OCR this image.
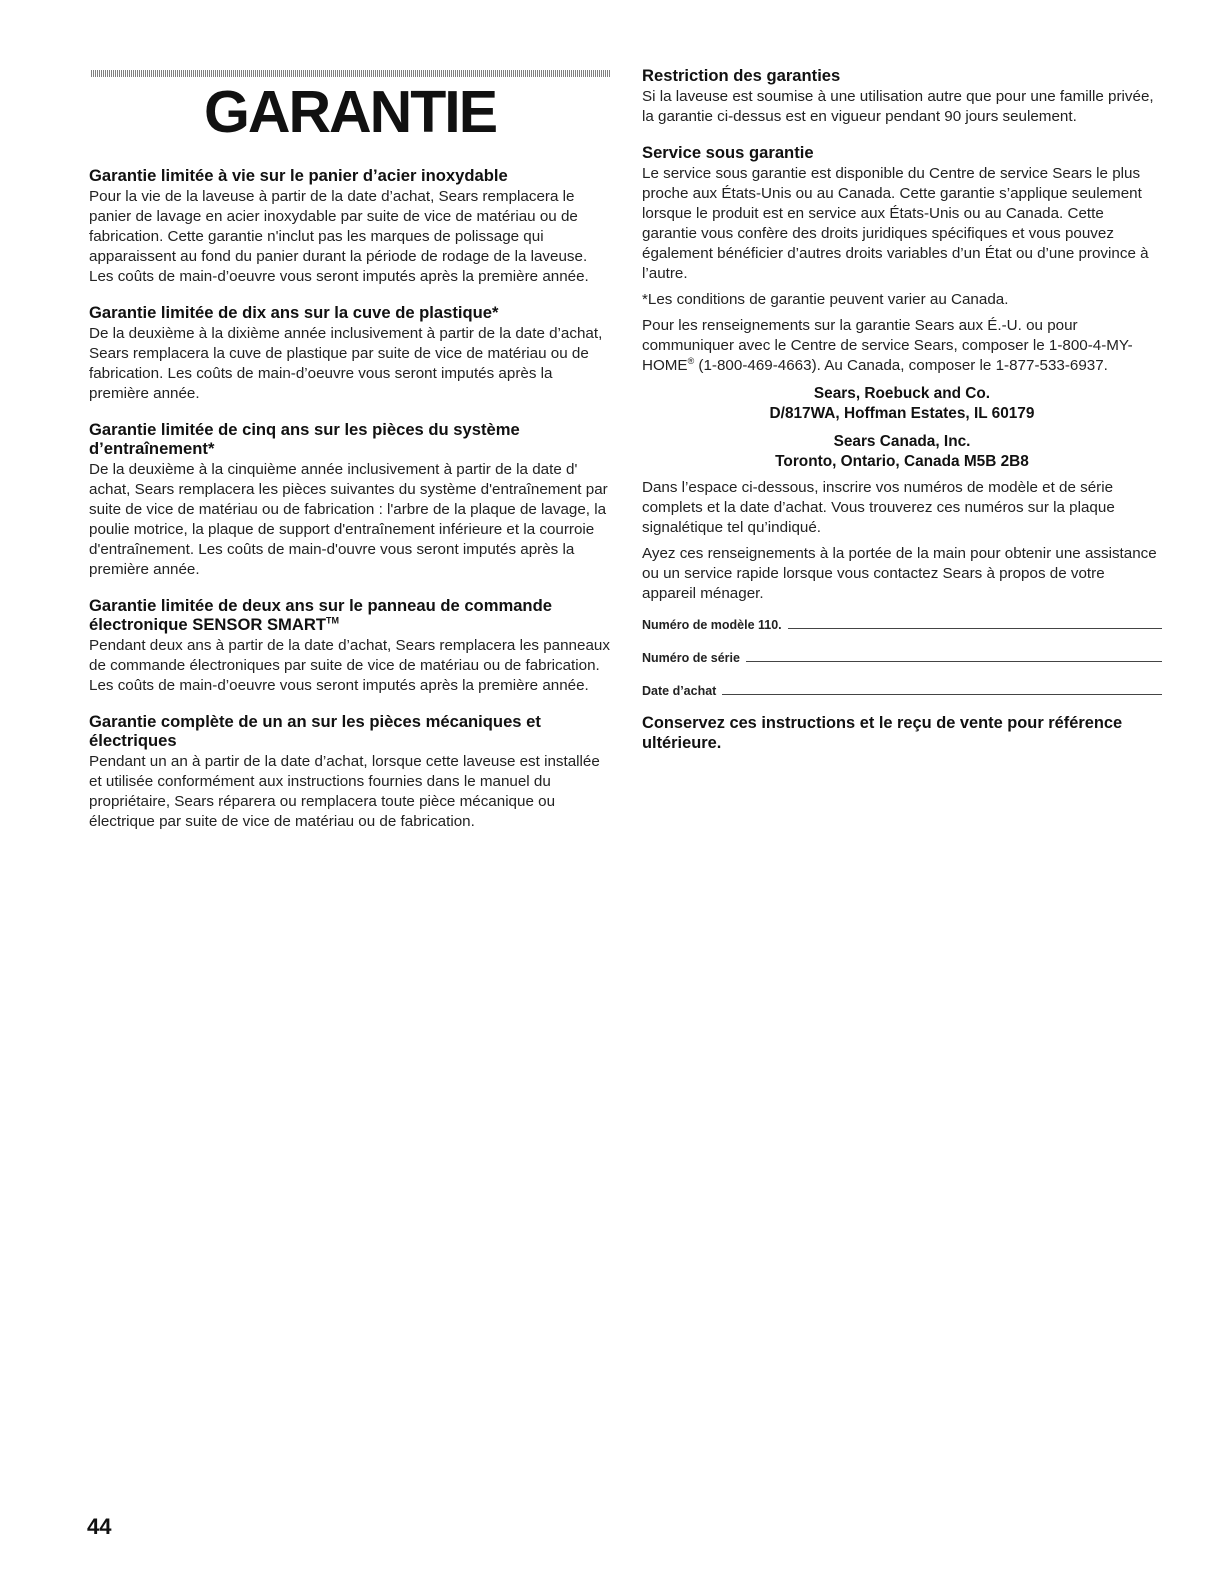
GARANTIE
Garantie limitée à vie sur le panier d’acier inoxydable

Pour la vie de la laveuse à partir de la date d’achat, Sears remplacera le panier de lavage en acier inoxydable par suite de vice de matériau ou de fabrication. Cette garantie n'inclut pas les marques de polissage qui apparaissent au fond du panier durant la période de rodage de la laveuse. Les coûts de main-d’oeuvre vous seront imputés après la première année.

Garantie limitée de dix ans sur la cuve de plastique*

De la deuxième à la dixième année inclusivement à partir de la date d’achat, Sears remplacera la cuve de plastique par suite de vice de matériau ou de fabrication. Les coûts de main-d’oeuvre vous seront imputés après la première année.

Garantie limitée de cinq ans sur les pièces du système d’entraînement*

De la deuxième à la cinquième année inclusivement à partir de la date d' achat, Sears remplacera les pièces suivantes du système d'entraînement par suite de vice de matériau ou de fabrication : l'arbre de la plaque de lavage, la poulie motrice, la plaque de support d'entraînement inférieure et la courroie d'entraînement. Les coûts de main-d'ouvre vous seront imputés après la première année.

Garantie limitée de deux ans sur le panneau de commande électronique SENSOR SMART™

Pendant deux ans à partir de la date d’achat, Sears remplacera les panneaux de commande électroniques par suite de vice de matériau ou de fabrication. Les coûts de main-d’oeuvre vous seront imputés après la première année.

Garantie complète de un an sur les pièces mécaniques et électriques

Pendant un an à partir de la date d’achat, lorsque cette laveuse est installée et utilisée conformément aux instructions fournies dans le manuel du propriétaire, Sears réparera ou remplacera toute pièce mécanique ou électrique par suite de vice de matériau ou de fabrication.

Restriction des garanties

Si la laveuse est soumise à une utilisation autre que pour une famille privée, la garantie ci-dessus est en vigueur pendant 90 jours seulement.

Service sous garantie

Le service sous garantie est disponible du Centre de service Sears le plus proche aux États-Unis ou au Canada. Cette garantie s’applique seulement lorsque le produit est en service aux États-Unis ou au Canada. Cette garantie vous confère des droits juridiques spécifiques et vous pouvez également bénéficier d’autres droits variables d’un État ou d’une province à l’autre.

*Les conditions de garantie peuvent varier au Canada.

Pour les renseignements sur la garantie Sears aux É.-U. ou pour communiquer avec le Centre de service Sears, composer le 1-800-4-MY-HOME® (1-800-469-4663). Au Canada, composer le 1-877-533-6937.

Sears, Roebuck and Co.
D/817WA, Hoffman Estates, IL 60179
Sears Canada, Inc.
Toronto, Ontario, Canada M5B 2B8

Dans l’espace ci-dessous, inscrire vos numéros de modèle et de série complets et la date d’achat. Vous trouverez ces numéros sur la plaque signalétique tel qu’indiqué.

Ayez ces renseignements à la portée de la main pour obtenir une assistance ou un service rapide lorsque vous contactez Sears à propos de votre appareil ménager.

Numéro de modèle 110.
Numéro de série
Date d’achat
Conservez ces instructions et le reçu de vente pour référence ultérieure.
44
